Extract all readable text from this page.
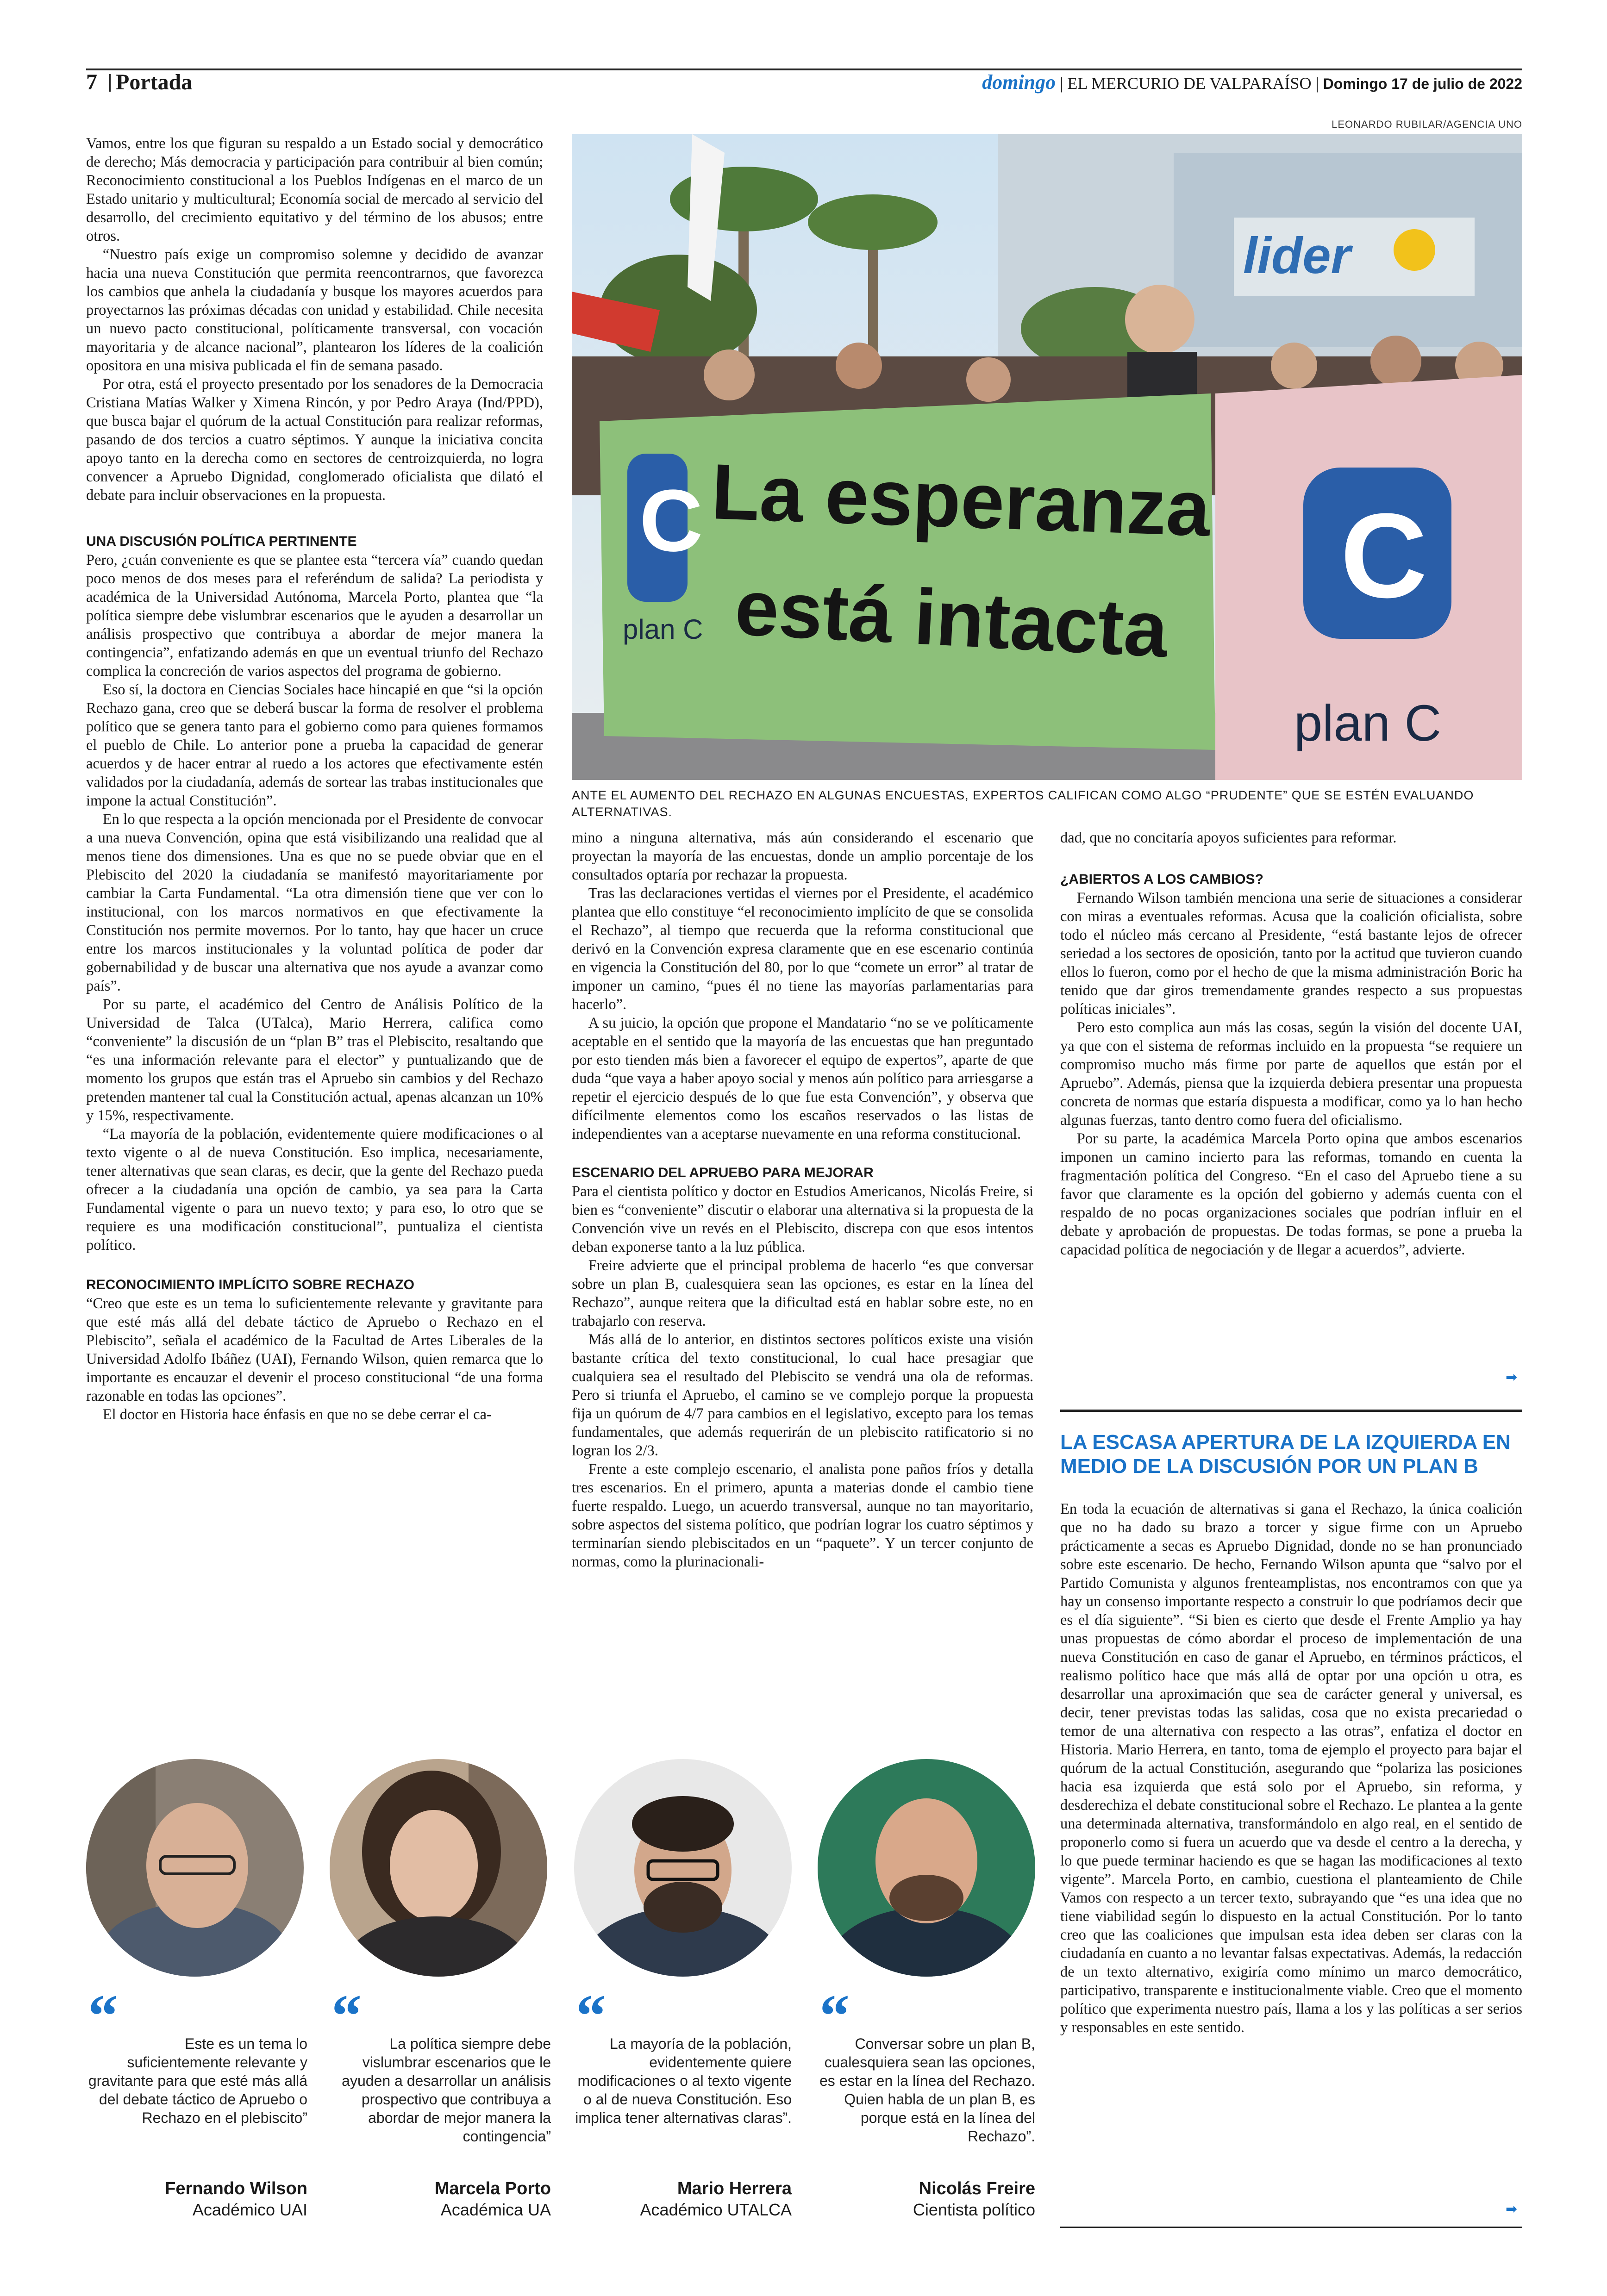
7 Portada	domingo | EL MERCURIO DE VALPARAÍSO | Domingo 17 de julio de 2022

Vamos, entre los que figuran su respaldo a un Estado social y democrático de derecho; Más democracia y participación para contribuir al bien común; Reconocimiento constitucional a los Pueblos Indígenas en el marco de un Estado unitario y multicultural; Economía social de mercado al servicio del desarrollo, del crecimiento equitativo y del término de los abusos; entre otros.

“Nuestro país exige un compromiso solemne y decidido de avanzar hacia una nueva Constitución que permita reencontrarnos, que favorezca los cambios que anhela la ciudadanía y busque los mayores acuerdos para proyectarnos las próximas décadas con unidad y estabilidad. Chile necesita un nuevo pacto constitucional, políticamente transversal, con vocación mayoritaria y de alcance nacional”, plantearon los líderes de la coalición opositora en una misiva publicada el fin de semana pasado.

Por otra, está el proyecto presentado por los senadores de la Democracia Cristiana Matías Walker y Ximena Rincón, y por Pedro Araya (Ind/PPD), que busca bajar el quórum de la actual Constitución para realizar reformas, pasando de dos tercios a cuatro séptimos. Y aunque la iniciativa concita apoyo tanto en la derecha como en sectores de centroizquierda, no logra convencer a Apruebo Dignidad, conglomerado oficialista que dilató el debate para incluir observaciones en la propuesta.

UNA DISCUSIÓN POLÍTICA PERTINENTE

Pero, ¿cuán conveniente es que se plantee esta “tercera vía” cuando quedan poco menos de dos meses para el referéndum de salida? La periodista y académica de la Universidad Autónoma, Marcela Porto, plantea que “la política siempre debe vislumbrar escenarios que le ayuden a desarrollar un análisis prospectivo que contribuya a abordar de mejor manera la contingencia”, enfatizando además en que un eventual triunfo del Rechazo complica la concreción de varios aspectos del programa de gobierno.

Eso sí, la doctora en Ciencias Sociales hace hincapié en que “si la opción Rechazo gana, creo que se deberá buscar la forma de resolver el problema político que se genera tanto para el gobierno como para quienes formamos el pueblo de Chile. Lo anterior pone a prueba la capacidad de generar acuerdos y de hacer entrar al ruedo a los actores que efectivamente estén validados por la ciudadanía, además de sortear las trabas institucionales que impone la actual Constitución”.

En lo que respecta a la opción mencionada por el Presidente de convocar a una nueva Convención, opina que está visibilizando una realidad que al menos tiene dos dimensiones. Una es que no se puede obviar que en el Plebiscito del 2020 la ciudadanía se manifestó mayoritariamente por cambiar la Carta Fundamental. “La otra dimensión tiene que ver con lo institucional, con los marcos normativos en que efectivamente la Constitución nos permite movernos. Por lo tanto, hay que hacer un cruce entre los marcos institucionales y la voluntad política de poder dar gobernabilidad y de buscar una alternativa que nos ayude a avanzar como país”.

Por su parte, el académico del Centro de Análisis Político de la Universidad de Talca (UTalca), Mario Herrera, califica como “conveniente” la discusión de un “plan B” tras el Plebiscito, resaltando que “es una información relevante para el elector” y puntualizando que de momento los grupos que están tras el Apruebo sin cambios y del Rechazo pretenden mantener tal cual la Constitución actual, apenas alcanzan un 10% y 15%, respectivamente.

“La mayoría de la población, evidentemente quiere modificaciones o al texto vigente o al de nueva Constitución. Eso implica, necesariamente, tener alternativas que sean claras, es decir, que la gente del Rechazo pueda ofrecer a la ciudadanía una opción de cambio, ya sea para la Carta Fundamental vigente o para un nuevo texto; y para eso, lo otro que se requiere es una modificación constitucional”, puntualiza el cientista político.

RECONOCIMIENTO IMPLÍCITO SOBRE RECHAZO

“Creo que este es un tema lo suficientemente relevante y gravitante para que esté más allá del debate táctico de Apruebo o Rechazo en el Plebiscito”, señala el académico de la Facultad de Artes Liberales de la Universidad Adolfo Ibáñez (UAI), Fernando Wilson, quien remarca que lo importante es encauzar el devenir el proceso constitucional “de una forma razonable en todas las opciones”.

El doctor en Historia hace énfasis en que no se debe cerrar el ca-

LEONARDO RUBILAR/AGENCIA UNO
lider
C
plan C
La esperanza
está intacta C
plan C
ANTE EL AUMENTO DEL RECHAZO EN ALGUNAS ENCUESTAS, EXPERTOS CALIFICAN COMO ALGO “PRUDENTE” QUE SE ESTÉN EVALUANDO ALTERNATIVAS.

mino a ninguna alternativa, más aún considerando el escenario que proyectan la mayoría de las encuestas, donde un amplio porcentaje de los consultados optaría por rechazar la propuesta.

Tras las declaraciones vertidas el viernes por el Presidente, el académico plantea que ello constituye “el reconocimiento implícito de que se consolida el Rechazo”, al tiempo que recuerda que la reforma constitucional que derivó en la Convención expresa claramente que en ese escenario continúa en vigencia la Constitución del 80, por lo que “comete un error” al tratar de imponer un camino, “pues él no tiene las mayorías parlamentarias para hacerlo”.

A su juicio, la opción que propone el Mandatario “no se ve políticamente aceptable en el sentido que la mayoría de las encuestas que han preguntado por esto tienden más bien a favorecer el equipo de expertos”, aparte de que duda “que vaya a haber apoyo social y menos aún político para arriesgarse a repetir el ejercicio después de lo que fue esta Convención”, y observa que difícilmente elementos como los escaños reservados o las listas de independientes van a aceptarse nuevamente en una reforma constitucional.

ESCENARIO DEL APRUEBO PARA MEJORAR

Para el cientista político y doctor en Estudios Americanos, Nicolás Freire, si bien es “conveniente” discutir o elaborar una alternativa si la propuesta de la Convención vive un revés en el Plebiscito, discrepa con que esos intentos deban exponerse tanto a la luz pública.

Freire advierte que el principal problema de hacerlo “es que conversar sobre un plan B, cualesquiera sean las opciones, es estar en la línea del Rechazo”, aunque reitera que la dificultad está en hablar sobre este, no en trabajarlo con reserva.

Más allá de lo anterior, en distintos sectores políticos existe una visión bastante crítica del texto constitucional, lo cual hace presagiar que cualquiera sea el resultado del Plebiscito se vendrá una ola de reformas. Pero si triunfa el Apruebo, el camino se ve complejo porque la propuesta fija un quórum de 4/7 para cambios en el legislativo, excepto para los temas fundamentales, que además requerirán de un plebiscito ratificatorio si no logran los 2/3.

Frente a este complejo escenario, el analista pone paños fríos y detalla tres escenarios. En el primero, apunta a materias donde el cambio tiene fuerte respaldo. Luego, un acuerdo transversal, aunque no tan mayoritario, sobre aspectos del sistema político, que podrían lograr los cuatro séptimos y terminarían siendo plebiscitados en un “paquete”. Y un tercer conjunto de normas, como la plurinacionali-

dad, que no concitaría apoyos suficientes para reformar.

¿ABIERTOS A LOS CAMBIOS?

Fernando Wilson también menciona una serie de situaciones a considerar con miras a eventuales reformas. Acusa que la coalición oficialista, sobre todo el núcleo más cercano al Presidente, “está bastante lejos de ofrecer seriedad a los sectores de oposición, tanto por la actitud que tuvieron cuando ellos lo fueron, como por el hecho de que la misma administración Boric ha tenido que dar giros tremendamente grandes respecto a sus propuestas políticas iniciales”.

Pero esto complica aun más las cosas, según la visión del docente UAI, ya que con el sistema de reformas incluido en la propuesta “se requiere un compromiso mucho más firme por parte de aquellos que están por el Apruebo”. Además, piensa que la izquierda debiera presentar una propuesta concreta de normas que estaría dispuesta a modificar, como ya lo han hecho algunas fuerzas, tanto dentro como fuera del oficialismo.

Por su parte, la académica Marcela Porto opina que ambos escenarios imponen un camino incierto para las reformas, tomando en cuenta la fragmentación política del Congreso. “En el caso del Apruebo tiene a su favor que claramente es la opción del gobierno y además cuenta con el respaldo de no pocas organizaciones sociales que podrían influir en el debate y aprobación de propuestas. De todas formas, se pone a prueba la capacidad política de negociación y de llegar a acuerdos”, advierte.

➡
LA ESCASA APERTURA DE LA IZQUIERDA EN MEDIO DE LA DISCUSIÓN POR UN PLAN B

En toda la ecuación de alternativas si gana el Rechazo, la única coalición que no ha dado su brazo a torcer y sigue firme con un Apruebo prácticamente a secas es Apruebo Dignidad, donde no se han pronunciado sobre este escenario. De hecho, Fernando Wilson apunta que “salvo por el Partido Comunista y algunos frenteamplistas, nos encontramos con que ya hay un consenso importante respecto a construir lo que podríamos decir que es el día siguiente”. “Si bien es cierto que desde el Frente Amplio ya hay unas propuestas de cómo abordar el proceso de implementación de una nueva Constitución en caso de ganar el Apruebo, en términos prácticos, el realismo político hace que más allá de optar por una opción u otra, es desarrollar una aproximación que sea de carácter general y universal, es decir, tener previstas todas las salidas, cosa que no exista precariedad o temor de una alternativa con respecto a las otras”, enfatiza el doctor en Historia. Mario Herrera, en tanto, toma de ejemplo el proyecto para bajar el quórum de la actual Constitución, asegurando que “polariza las posiciones hacia esa izquierda que está solo por el Apruebo, sin reforma, y desderechiza el debate constitucional sobre el Rechazo. Le plantea a la gente una determinada alternativa, transformándolo en algo real, en el sentido de proponerlo como si fuera un acuerdo que va desde el centro a la derecha, y lo que puede terminar haciendo es que se hagan las modificaciones al texto vigente”. Marcela Porto, en cambio, cuestiona el planteamiento de Chile Vamos con respecto a un tercer texto, subrayando que “es una idea que no tiene viabilidad según lo dispuesto en la actual Constitución. Por lo tanto creo que las coaliciones que impulsan esta idea deben ser claras con la ciudadanía en cuanto a no levantar falsas expectativas. Además, la redacción de un texto alternativo, exigiría como mínimo un marco democrático, participativo, transparente e institucionalmente viable. Creo que el momento político que experimenta nuestro país, llama a los y las políticas a ser serios y responsables en este sentido.

➡
“	“	“	“
Este es un tema lo suficientemente relevante y gravitante para que esté más allá del debate táctico de Apruebo o Rechazo en el plebiscito”
La política siempre debe vislumbrar escenarios que le ayuden a desarrollar un análisis prospectivo que contribuya a abordar de mejor manera la contingencia”
La mayoría de la población, evidentemente quiere modificaciones o al texto vigente o al de nueva Constitución. Eso implica tener alternativas claras”.
Conversar sobre un plan B, cualesquiera sean las opciones, es estar en la línea del Rechazo. Quien habla de un plan B, es porque está en la línea del Rechazo”.
Fernando Wilson
Académico UAI
Marcela Porto
Académica UA
Mario Herrera
Académico UTALCA
Nicolás Freire
Cientista político
